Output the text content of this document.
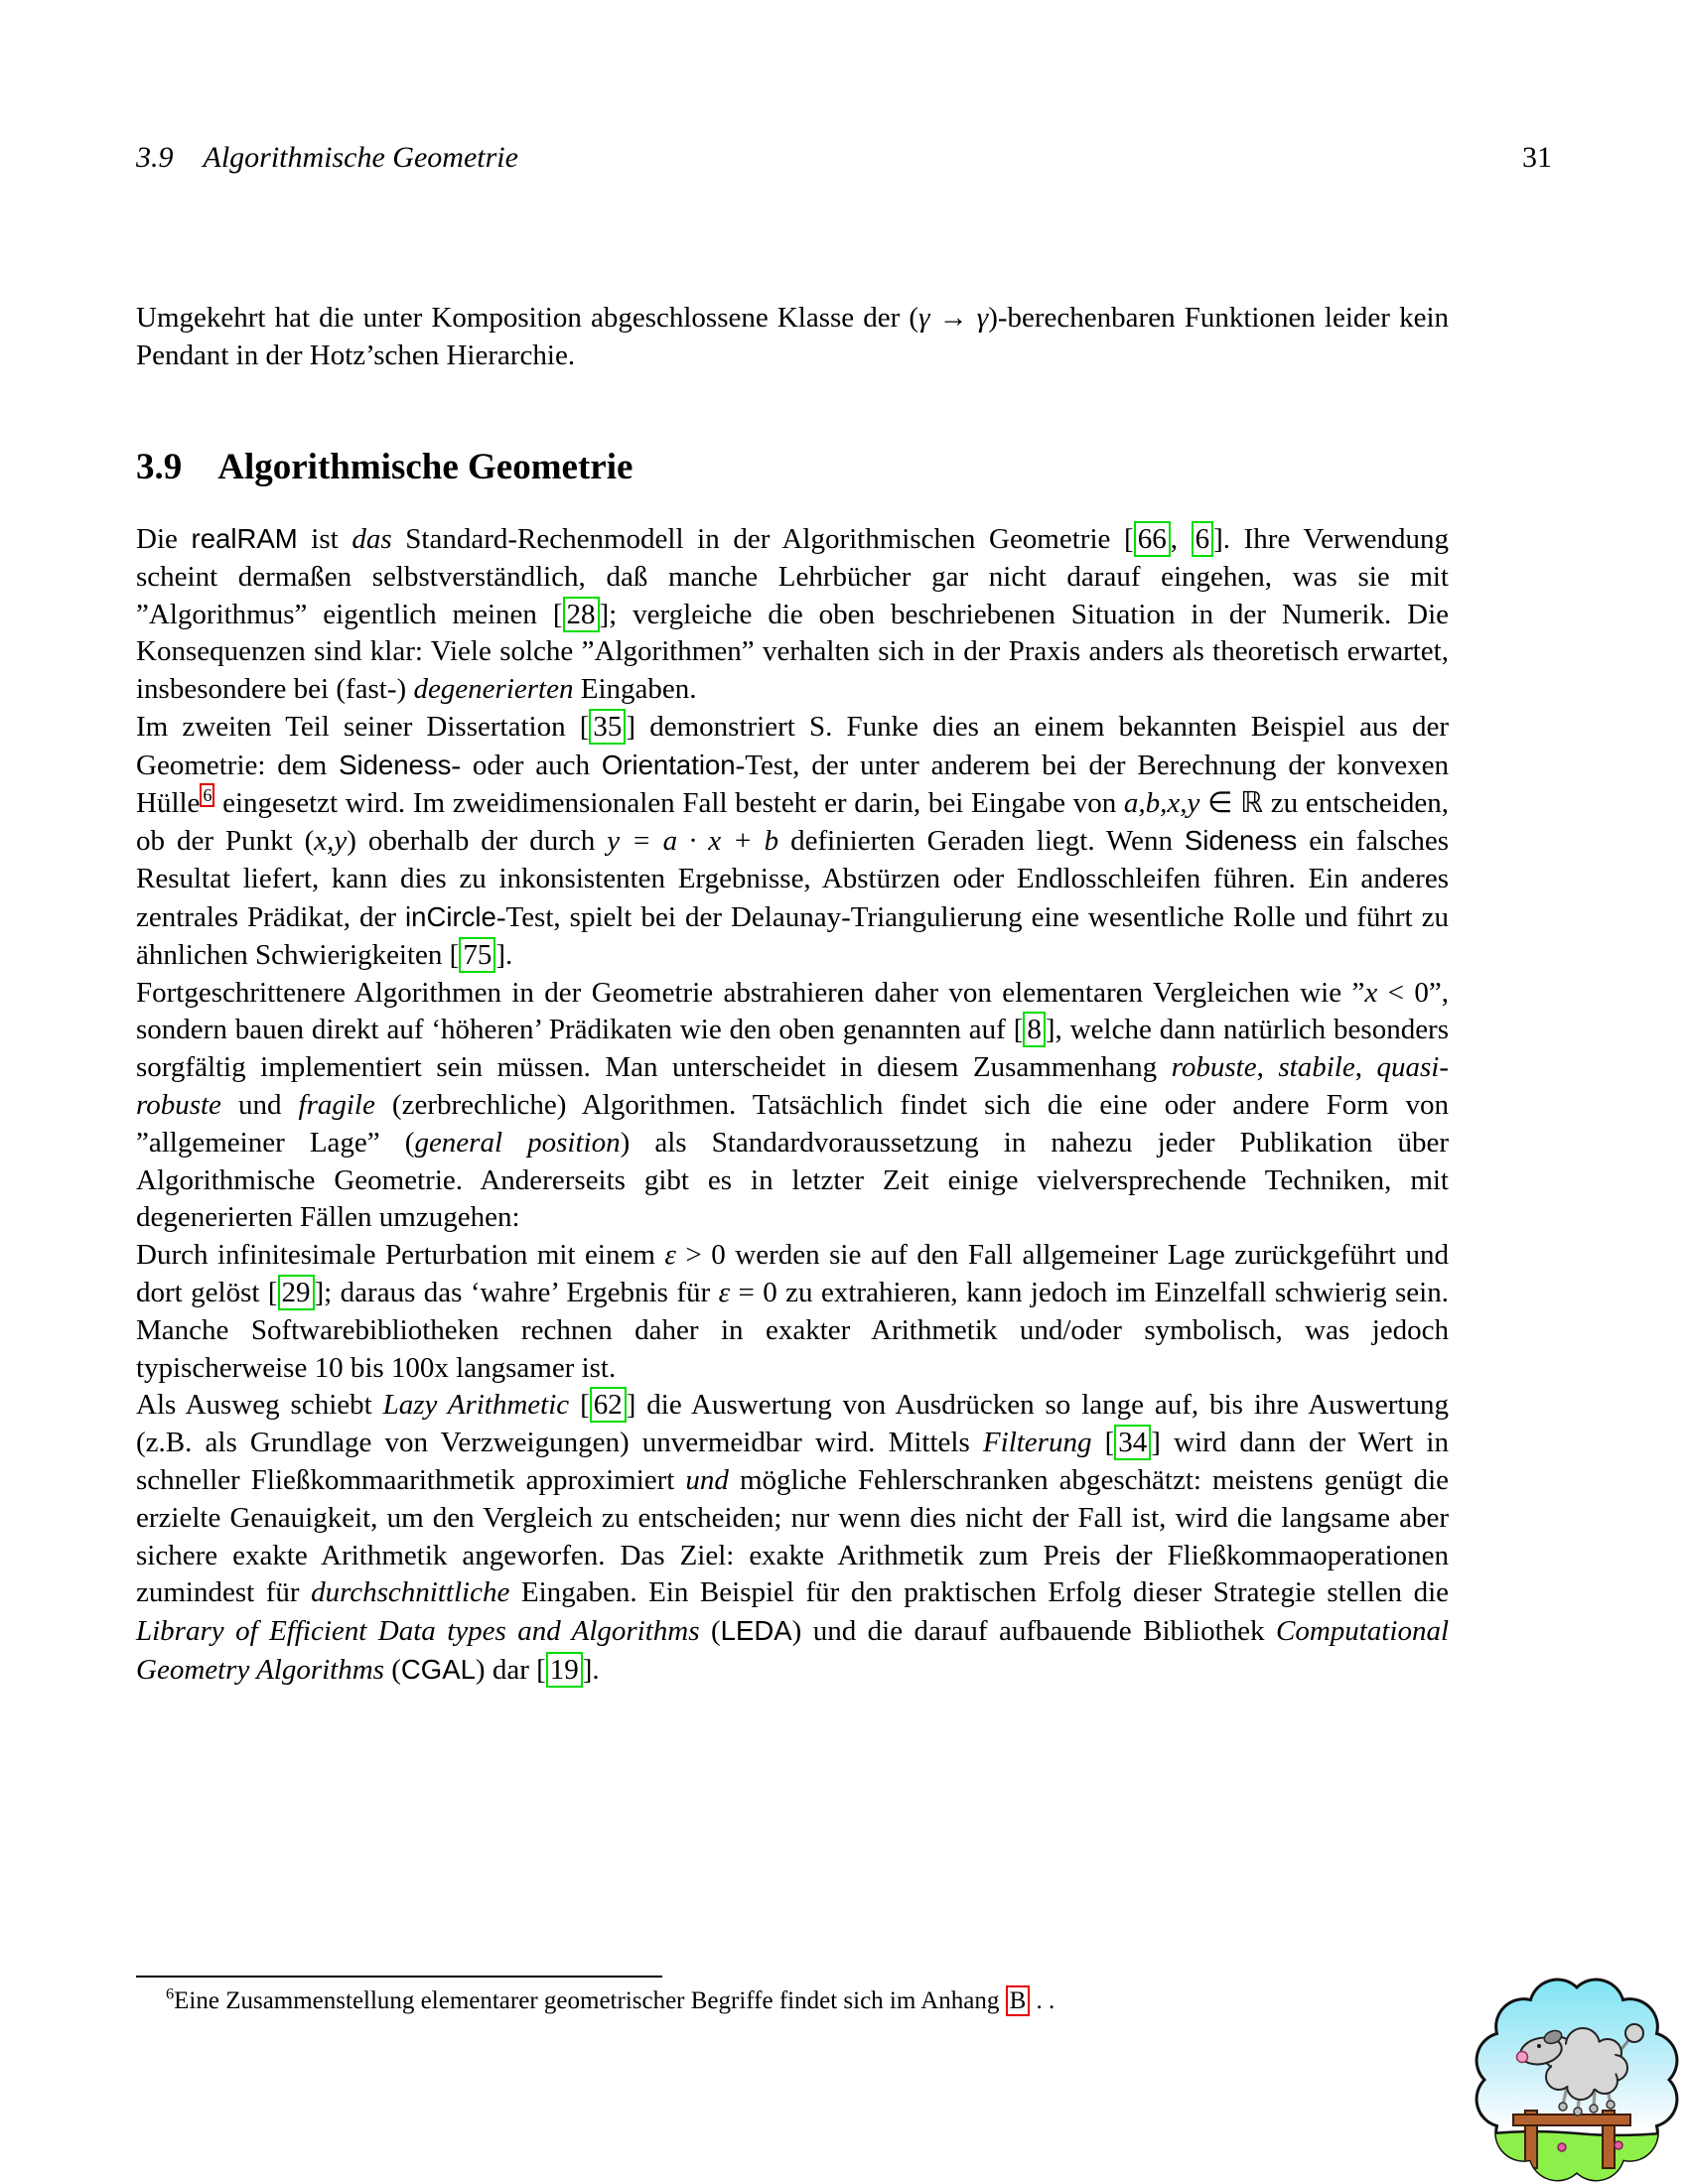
3.9 Algorithmische Geometrie	31

Umgekehrt hat die unter Komposition abgeschlossene Klasse der (γ → γ)-berechenbaren Funktionen leider kein Pendant in der Hotz’schen Hierarchie.

3.9 Algorithmische Geometrie

Die realRAM ist das Standard-Rechenmodell in der Algorithmischen Geometrie [ 66 , 6 ]. Ihre Verwendung scheint dermaßen selbstverständlich, daß manche Lehrbücher gar nicht darauf eingehen, was sie mit ”Algorithmus” eigentlich meinen [ 28 ]; vergleiche die oben beschriebenen Situation in der Numerik. Die Konsequenzen sind klar: Viele solche ”Algorithmen” verhalten sich in der Praxis anders als theoretisch erwartet, insbesondere bei (fast-) degenerierten Eingaben.

Im zweiten Teil seiner Dissertation [ 35 ] demonstriert S. Funke dies an einem bekannten Beispiel aus der Geometrie: dem Sideness- oder auch Orientation-Test, der unter anderem bei der Berechnung der konvexen Hülle $^6$ eingesetzt wird. Im zweidimensionalen Fall besteht er darin, bei Eingabe von a,b,x,y ∈ ℝ zu entscheiden, ob der Punkt (x,y) oberhalb der durch y = a · x + b definierten Geraden liegt. Wenn Sideness ein falsches Resultat liefert, kann dies zu inkonsistenten Ergebnisse, Abstürzen oder Endlosschleifen führen. Ein anderes zentrales Prädikat, der inCircle-Test, spielt bei der Delaunay-Triangulierung eine wesentliche Rolle und führt zu ähnlichen Schwierigkeiten [ 75 ].

Fortgeschrittenere Algorithmen in der Geometrie abstrahieren daher von elementaren Vergleichen wie ”x < 0”, sondern bauen direkt auf ‘höheren’ Prädikaten wie den oben genannten auf [ 8 ], welche dann natürlich besonders sorgfältig implementiert sein müssen. Man unterscheidet in diesem Zusammenhang robuste, stabile, quasi-robuste und fragile (zerbrechliche) Algorithmen. Tatsächlich findet sich die eine oder andere Form von ”allgemeiner Lage” (general position) als Standardvoraussetzung in nahezu jeder Publikation über Algorithmische Geometrie. Andererseits gibt es in letzter Zeit einige vielversprechende Techniken, mit degenerierten Fällen umzugehen:

Durch infinitesimale Perturbation mit einem ε > 0 werden sie auf den Fall allgemeiner Lage zurückgeführt und dort gelöst [ 29 ]; daraus das ‘wahre’ Ergebnis für ε = 0 zu extrahieren, kann jedoch im Einzelfall schwierig sein. Manche Softwarebibliotheken rechnen daher in exakter Arithmetik und/oder symbolisch, was jedoch typischerweise 10 bis 100x langsamer ist.

Als Ausweg schiebt Lazy Arithmetic [ 62 ] die Auswertung von Ausdrücken so lange auf, bis ihre Auswertung (z.B. als Grundlage von Verzweigungen) unvermeidbar wird. Mittels Filterung [ 34 ] wird dann der Wert in schneller Fließkommaarithmetik approximiert und mögliche Fehlerschranken abgeschätzt: meistens genügt die erzielte Genauigkeit, um den Vergleich zu entscheiden; nur wenn dies nicht der Fall ist, wird die langsame aber sichere exakte Arithmetik angeworfen. Das Ziel: exakte Arithmetik zum Preis der Fließkommaoperationen zumindest für durchschnittliche Eingaben. Ein Beispiel für den praktischen Erfolg dieser Strategie stellen die Library of Efficient Data types and Algorithms (LEDA) und die darauf aufbauende Bibliothek Computational Geometry Algorithms (CGAL) dar [ 19 ].

$^6$Eine Zusammenstellung elementarer geometrischer Begriffe findet sich im Anhang B . .
